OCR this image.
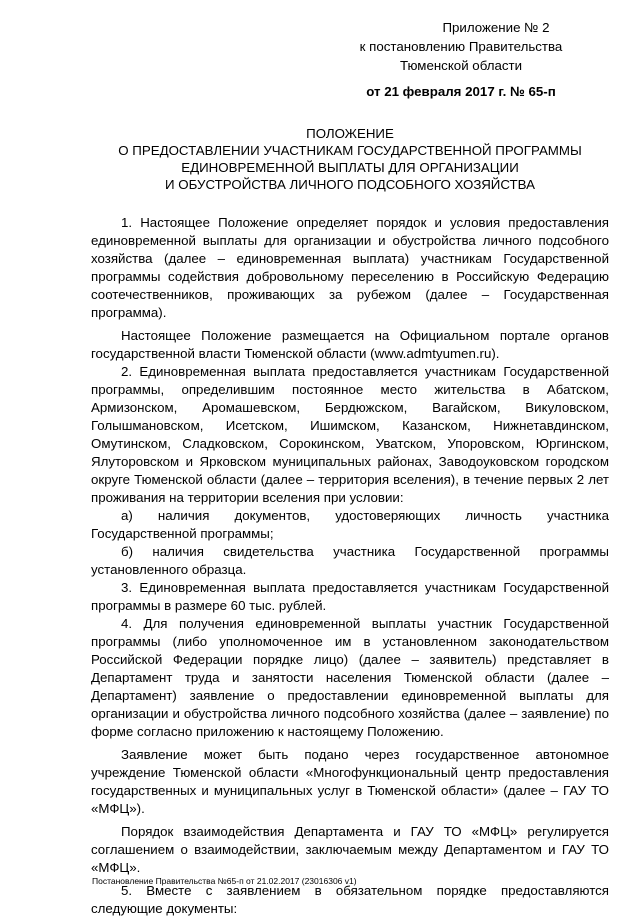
Приложение № 2
к постановлению Правительства
Тюменской области
от 21 февраля 2017 г. № 65-п
ПОЛОЖЕНИЕ
О ПРЕДОСТАВЛЕНИИ УЧАСТНИКАМ ГОСУДАРСТВЕННОЙ ПРОГРАММЫ
ЕДИНОВРЕМЕННОЙ ВЫПЛАТЫ ДЛЯ ОРГАНИЗАЦИИ
И ОБУСТРОЙСТВА ЛИЧНОГО ПОДСОБНОГО ХОЗЯЙСТВА

1. Настоящее Положение определяет порядок и условия предоставления единовременной выплаты для организации и обустройства личного подсобного хозяйства (далее – единовременная выплата) участникам Государственной программы содействия добровольному переселению в Российскую Федерацию соотечественников, проживающих за рубежом (далее – Государственная программа).

Настоящее Положение размещается на Официальном портале органов государственной власти Тюменской области (www.admtyumen.ru).

2. Единовременная выплата предоставляется участникам Государственной программы, определившим постоянное место жительства в Абатском, Армизонском, Аромашевском, Бердюжском, Вагайском, Викуловском, Голышмановском, Исетском, Ишимском, Казанском, Нижнетавдинском, Омутинском, Сладковском, Сорокинском, Уватском, Упоровском, Юргинском, Ялуторовском и Ярковском муниципальных районах, Заводоуковском городском округе Тюменской области (далее – территория вселения), в течение первых 2 лет проживания на территории вселения при условии:

а) наличия документов, удостоверяющих личность участника Государственной программы;

б) наличия свидетельства участника Государственной программы установленного образца.

3. Единовременная выплата предоставляется участникам Государственной программы в размере 60 тыс. рублей.

4. Для получения единовременной выплаты участник Государственной программы (либо уполномоченное им в установленном законодательством Российской Федерации порядке лицо) (далее – заявитель) представляет в Департамент труда и занятости населения Тюменской области (далее – Департамент) заявление о предоставлении единовременной выплаты для организации и обустройства личного подсобного хозяйства (далее – заявление) по форме согласно приложению к настоящему Положению.

Заявление может быть подано через государственное автономное учреждение Тюменской области «Многофункциональный центр предоставления государственных и муниципальных услуг в Тюменской области» (далее – ГАУ ТО «МФЦ»).

Порядок взаимодействия Департамента и ГАУ ТО «МФЦ» регулируется соглашением о взаимодействии, заключаемым между Департаментом и ГАУ ТО «МФЦ».

5. Вместе с заявлением в обязательном порядке предоставляются следующие документы:

Постановление Правительства №65-п от 21.02.2017 (23016306 v1)
